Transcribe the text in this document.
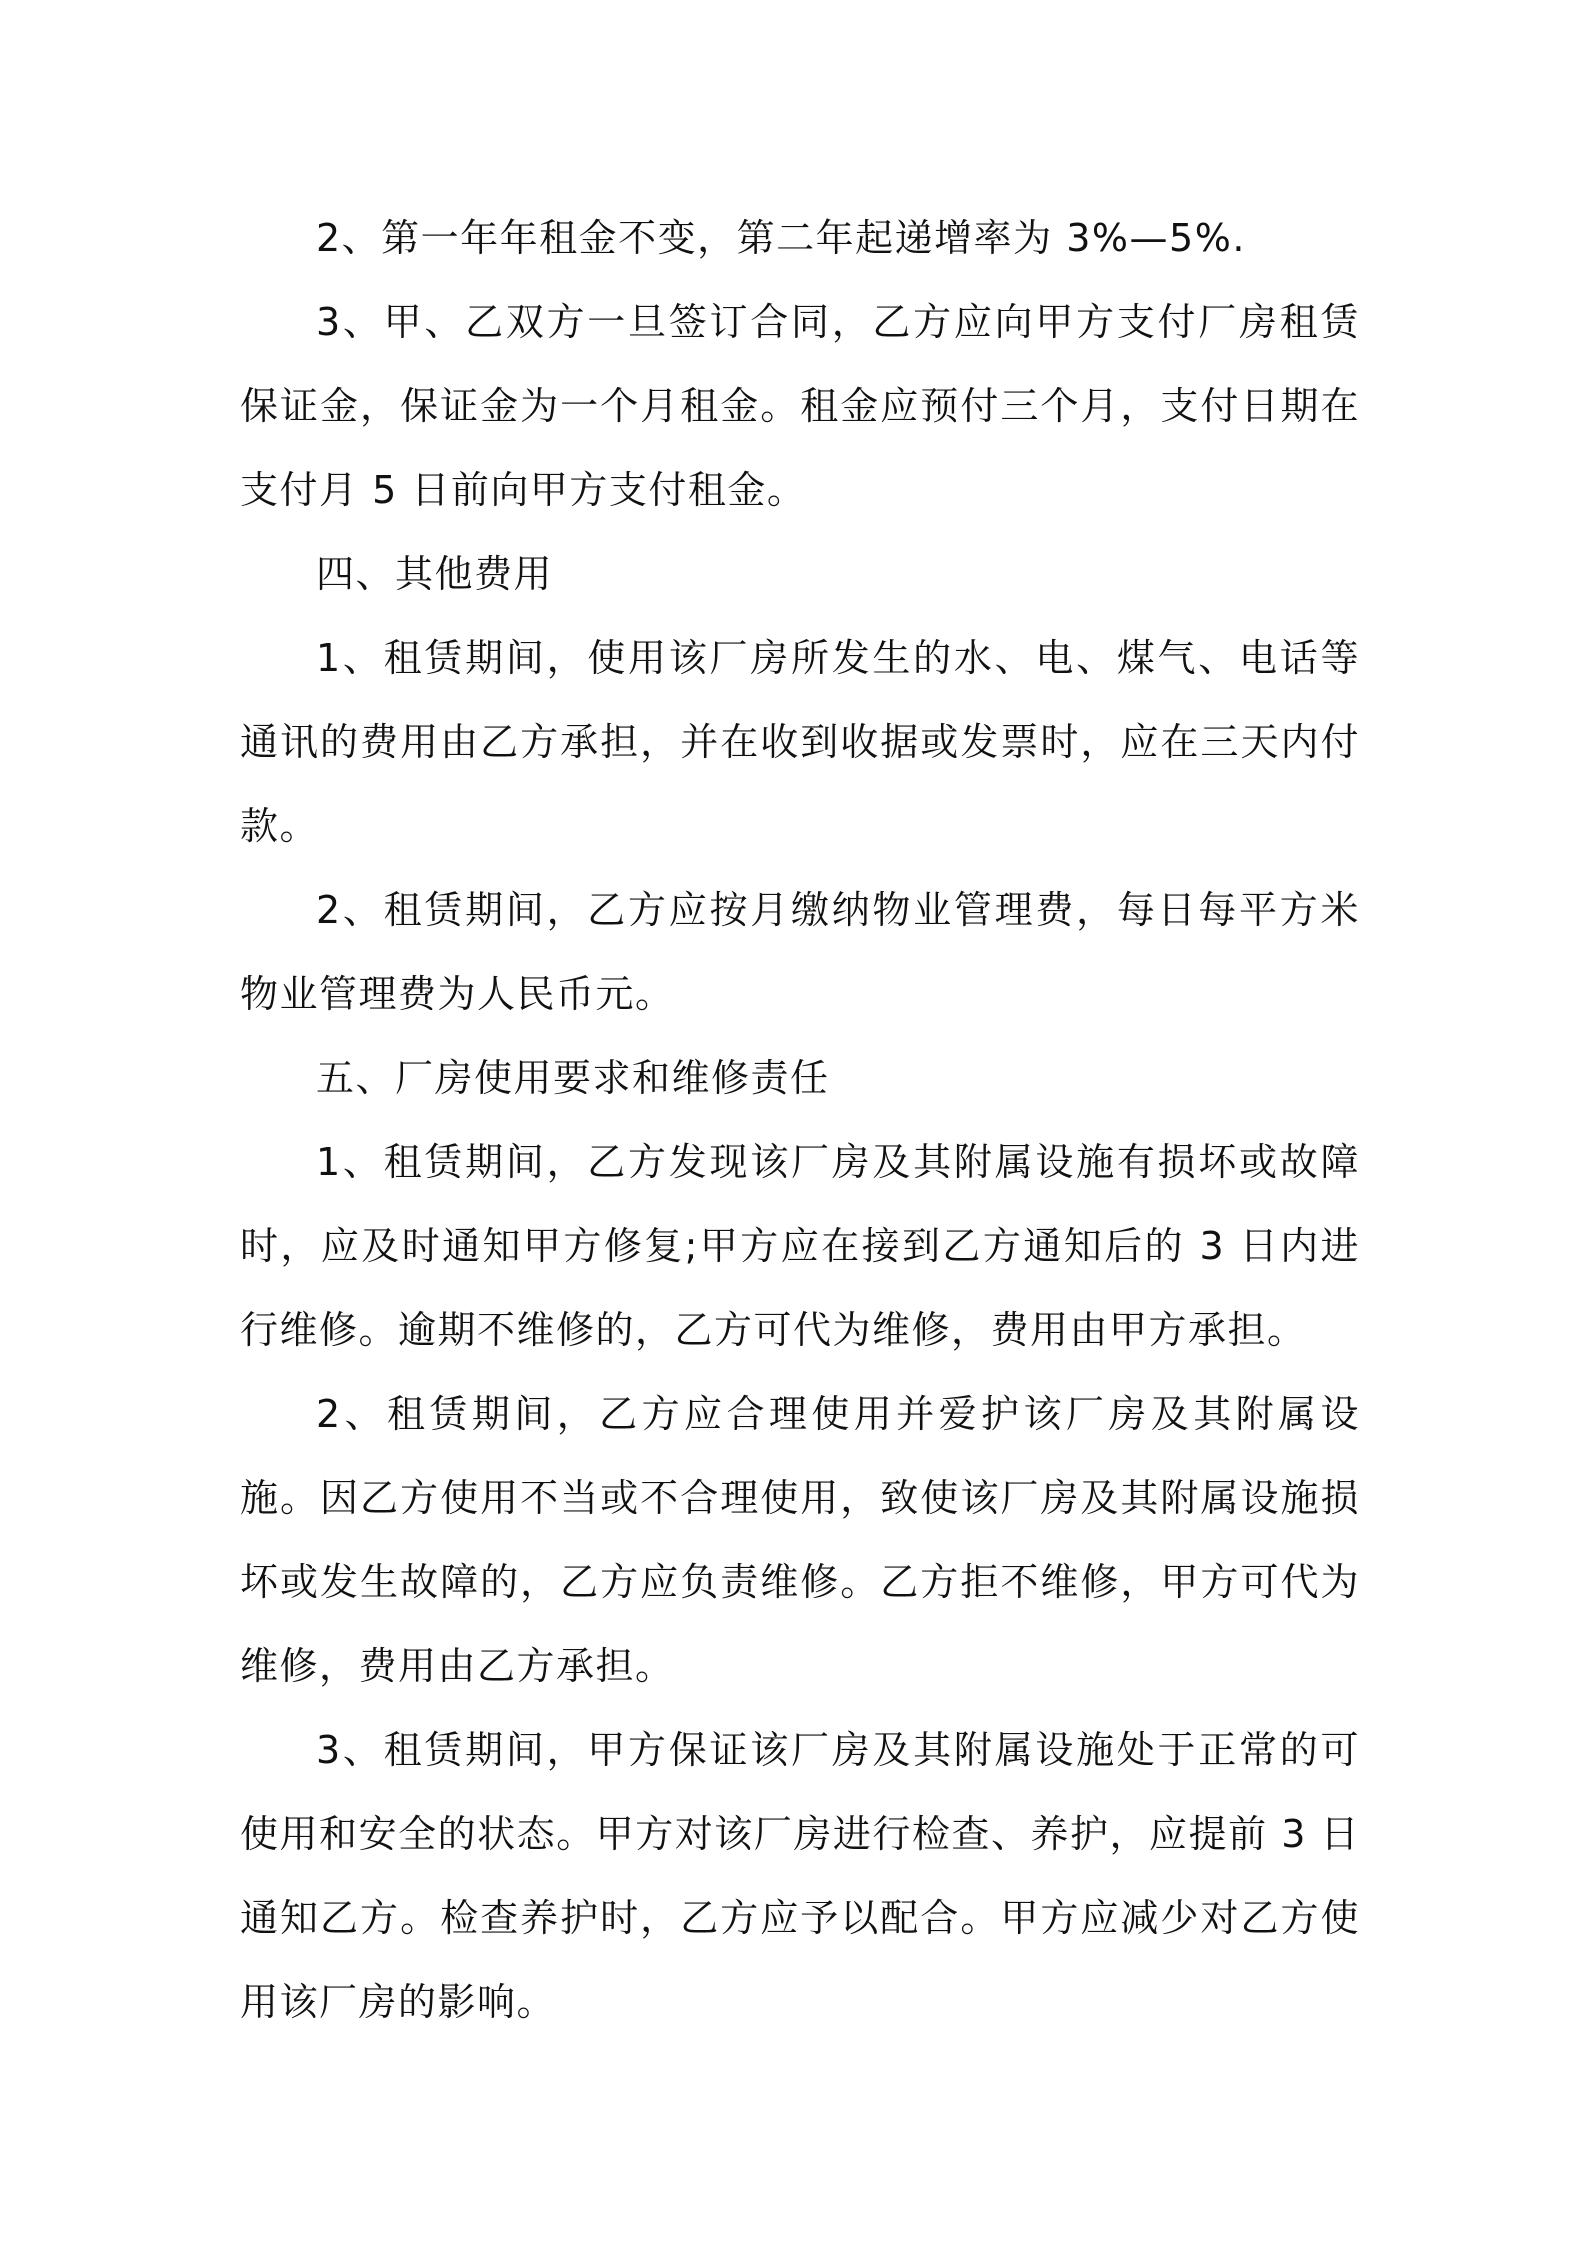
2、第一年年租金不变，第二年起递增率为 3%—5%.

3、甲、乙双方一旦签订合同，乙方应向甲方支付厂房租赁保证金，保证金为一个月租金。租金应预付三个月，支付日期在支付月 5 日前向甲方支付租金。

四、其他费用

1、租赁期间，使用该厂房所发生的水、电、煤气、电话等通讯的费用由乙方承担，并在收到收据或发票时，应在三天内付款。

2、租赁期间，乙方应按月缴纳物业管理费，每日每平方米物业管理费为人民币元。

五、厂房使用要求和维修责任

1、租赁期间，乙方发现该厂房及其附属设施有损坏或故障时，应及时通知甲方修复;甲方应在接到乙方通知后的 3 日内进行维修。逾期不维修的，乙方可代为维修，费用由甲方承担。

2、租赁期间，乙方应合理使用并爱护该厂房及其附属设施。因乙方使用不当或不合理使用，致使该厂房及其附属设施损坏或发生故障的，乙方应负责维修。乙方拒不维修，甲方可代为维修，费用由乙方承担。

3、租赁期间，甲方保证该厂房及其附属设施处于正常的可使用和安全的状态。甲方对该厂房进行检查、养护，应提前 3 日通知乙方。检查养护时，乙方应予以配合。甲方应减少对乙方使用该厂房的影响。
